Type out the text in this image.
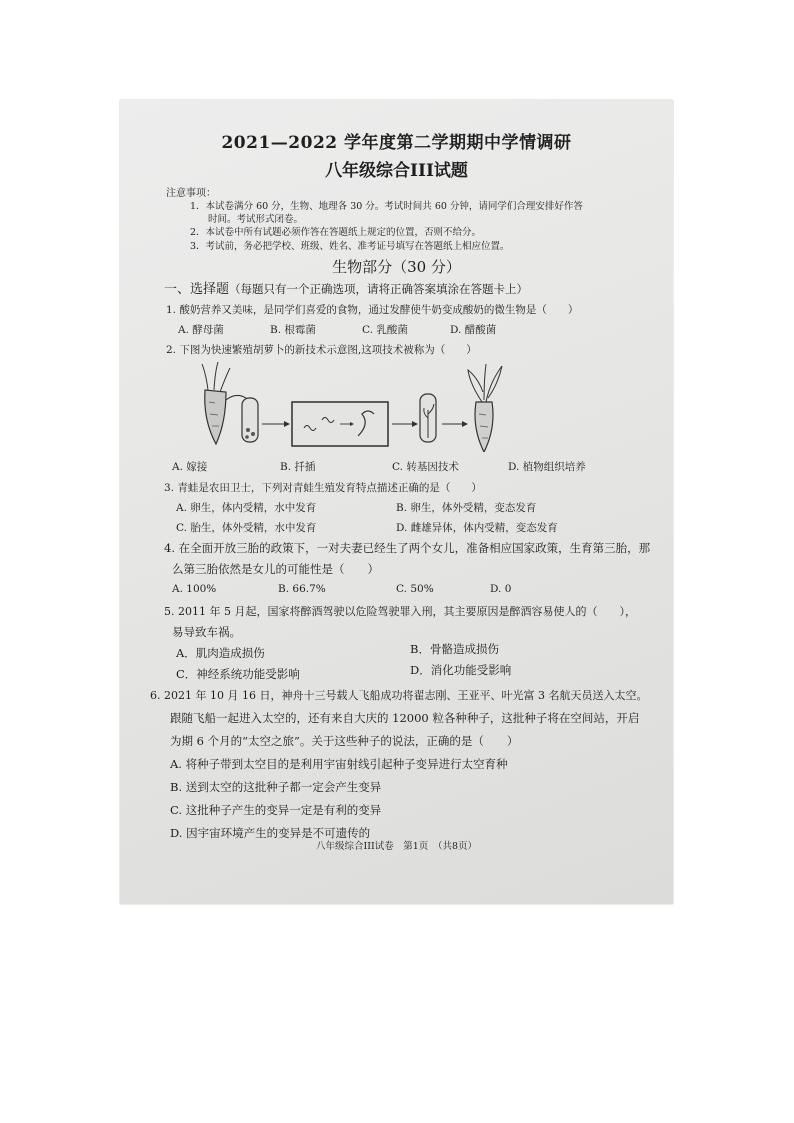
2021—2022 学年度第二学期期中学情调研
八年级综合III试题
注意事项：
1．本试卷满分 60 分，生物、地理各 30 分。考试时间共 60 分钟，请同学们合理安排好作答
时间。考试形式闭卷。
2．本试卷中所有试题必须作答在答题纸上规定的位置，否则不给分。
3．考试前，务必把学校、班级、姓名、准考证号填写在答题纸上相应位置。
生物部分（30 分）
一、选择题（每题只有一个正确选项，请将正确答案填涂在答题卡上）
1. 酸奶营养又美味，是同学们喜爱的食物，通过发酵使牛奶变成酸奶的微生物是（　　）
A. 酵母菌	B. 根霉菌	C. 乳酸菌	D. 醋酸菌
2. 下图为快速繁殖胡萝卜的新技术示意图,这项技术被称为（　　）
A. 嫁接	B. 扦插	C. 转基因技术	D. 植物组织培养
3. 青蛙是农田卫士，下列对青蛙生殖发育特点描述正确的是（　　）
A. 卵生，体内受精，水中发育	B. 卵生，体外受精，变态发育
C. 胎生，体外受精，水中发育	D. 雌雄异体，体内受精，变态发育
4. 在全面开放三胎的政策下，一对夫妻已经生了两个女儿，准备相应国家政策，生育第三胎，那
么第三胎依然是女儿的可能性是（　　）
A. 100%	B. 66.7%	C. 50%	D. 0
5. 2011 年 5 月起，国家将醉酒驾驶以危险驾驶罪入刑，其主要原因是醉酒容易使人的（　　），
易导致车祸。
A．肌肉造成损伤	B．骨骼造成损伤
C．神经系统功能受影响	D．消化功能受影响
6. 2021 年 10 月 16 日，神舟十三号载人飞船成功将翟志刚、王亚平、叶光富 3 名航天员送入太空。
跟随飞船一起进入太空的，还有来自大庆的 12000 粒各种种子，这批种子将在空间站，开启
为期 6 个月的“太空之旅”。关于这些种子的说法，正确的是（　　）
A. 将种子带到太空目的是利用宇宙射线引起种子变异进行太空育种
B. 送到太空的这批种子都一定会产生变异
C. 这批种子产生的变异一定是有利的变异
D. 因宇宙环境产生的变异是不可遗传的
八年级综合III试卷　第1页　（共8页）
